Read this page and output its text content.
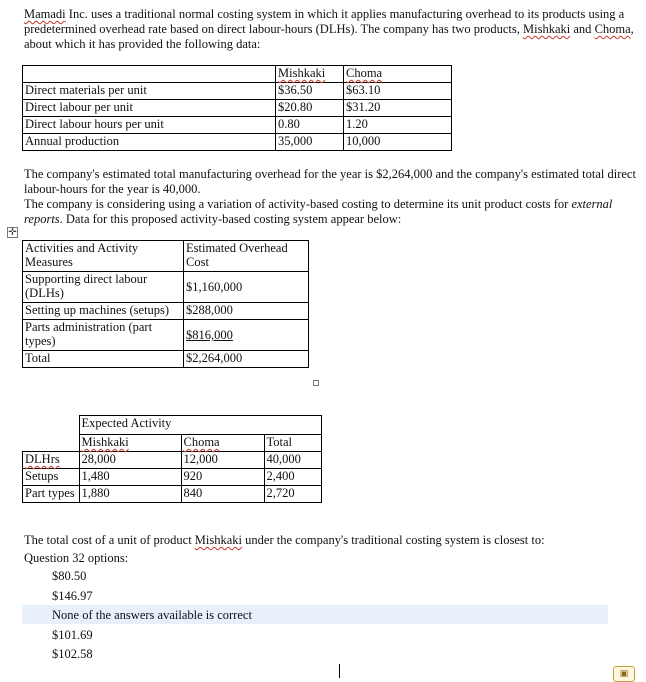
Mamadi Inc. uses a traditional normal costing system in which it applies manufacturing overhead to its products using a predetermined overhead rate based on direct labour-hours (DLHs). The company has two products, Mishkaki and Choma, about which it has provided the following data:
	Mishkaki	Choma
Direct materials per unit	$36.50	$63.10
Direct labour per unit	$20.80	$31.20
Direct labour hours per unit	0.80	1.20
Annual production	35,000	10,000
The company's estimated total manufacturing overhead for the year is $2,264,000 and the company's estimated total direct labour-hours for the year is 40,000.
The company is considering using a variation of activity-based costing to determine its unit product costs for external reports. Data for this proposed activity-based costing system appear below:
✛
Activities and Activity Measures	Estimated Overhead Cost
Supporting direct labour (DLHs)	$1,160,000
Setting up machines (setups)	$288,000
Parts administration (part types)	$816,000
Total	$2,264,000
	Expected Activity		
	Mishkaki	Choma	Total
DLHrs	28,000	12,000	40,000
Setups	1,480	920	2,400
Part types	1,880	840	2,720
The total cost of a unit of product Mishkaki under the company's traditional costing system is closest to:
Question 32 options:
$80.50
$146.97
None of the answers available is correct
$101.69
$102.58
▣
